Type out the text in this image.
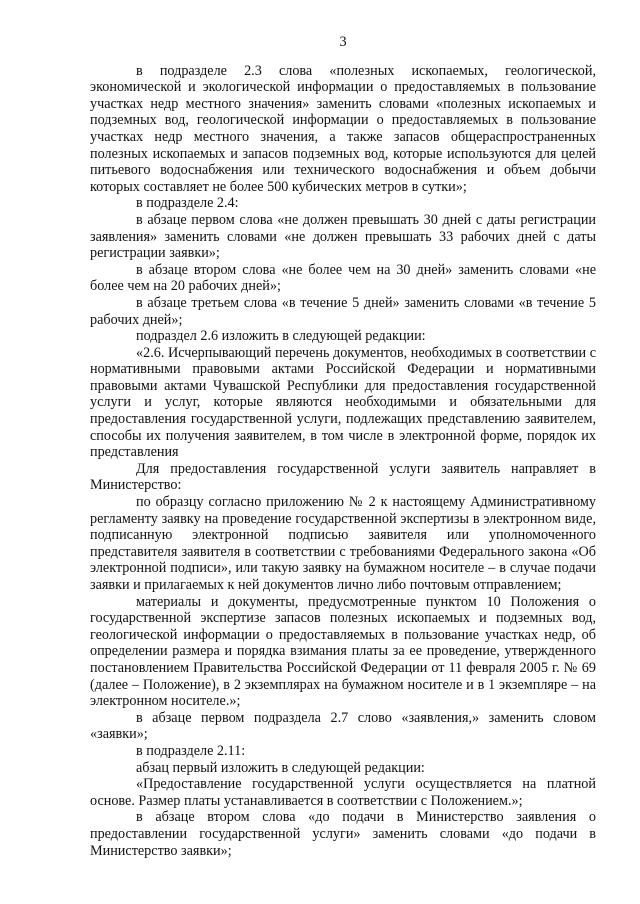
3

в подразделе 2.3 слова «полезных ископаемых, геологической, экономической и экологической информации о предоставляемых в пользование участках недр местного значения» заменить словами «полезных ископаемых и подземных вод, геологической информации о предоставляемых в пользование участках недр местного значения, а также запасов общераспространенных полезных ископаемых и запасов подземных вод, которые используются для целей питьевого водоснабжения или технического водоснабжения и объем добычи которых составляет не более 500 кубических метров в сутки»;

в подразделе 2.4:

в абзаце первом слова «не должен превышать 30 дней с даты регистрации заявления» заменить словами «не должен превышать 33 рабочих дней с даты регистрации заявки»;

в абзаце втором слова «не более чем на 30 дней» заменить словами «не более чем на 20 рабочих дней»;

в абзаце третьем слова «в течение 5 дней» заменить словами «в течение 5 рабочих дней»;

подраздел 2.6 изложить в следующей редакции:

«2.6. Исчерпывающий перечень документов, необходимых в соответствии с нормативными правовыми актами Российской Федерации и нормативными правовыми актами Чувашской Республики для предоставления государственной услуги и услуг, которые являются необходимыми и обязательными для предоставления государственной услуги, подлежащих представлению заявителем, способы их получения заявителем, в том числе в электронной форме, порядок их представления

Для предоставления государственной услуги заявитель направляет в Министерство:

по образцу согласно приложению № 2 к настоящему Административному регламенту заявку на проведение государственной экспертизы в электронном виде, подписанную электронной подписью заявителя или уполномоченного представителя заявителя в соответствии с требованиями Федерального закона «Об электронной подписи», или такую заявку на бумажном носителе – в случае подачи заявки и прилагаемых к ней документов лично либо почтовым отправлением;

материалы и документы, предусмотренные пунктом 10 Положения о государственной экспертизе запасов полезных ископаемых и подземных вод, геологической информации о предоставляемых в пользование участках недр, об определении размера и порядка взимания платы за ее проведение, утвержденного постановлением Правительства Российской Федерации от 11 февраля 2005 г. № 69 (далее – Положение), в 2 экземплярах на бумажном носителе и в 1 экземпляре – на электронном носителе.»;

в абзаце первом подраздела 2.7 слово «заявления,» заменить словом «заявки»;

в подразделе 2.11:

абзац первый изложить в следующей редакции:

«Предоставление государственной услуги осуществляется на платной основе. Размер платы устанавливается в соответствии с Положением.»;

в абзаце втором слова «до подачи в Министерство заявления о предоставлении государственной услуги» заменить словами «до подачи в Министерство заявки»;
